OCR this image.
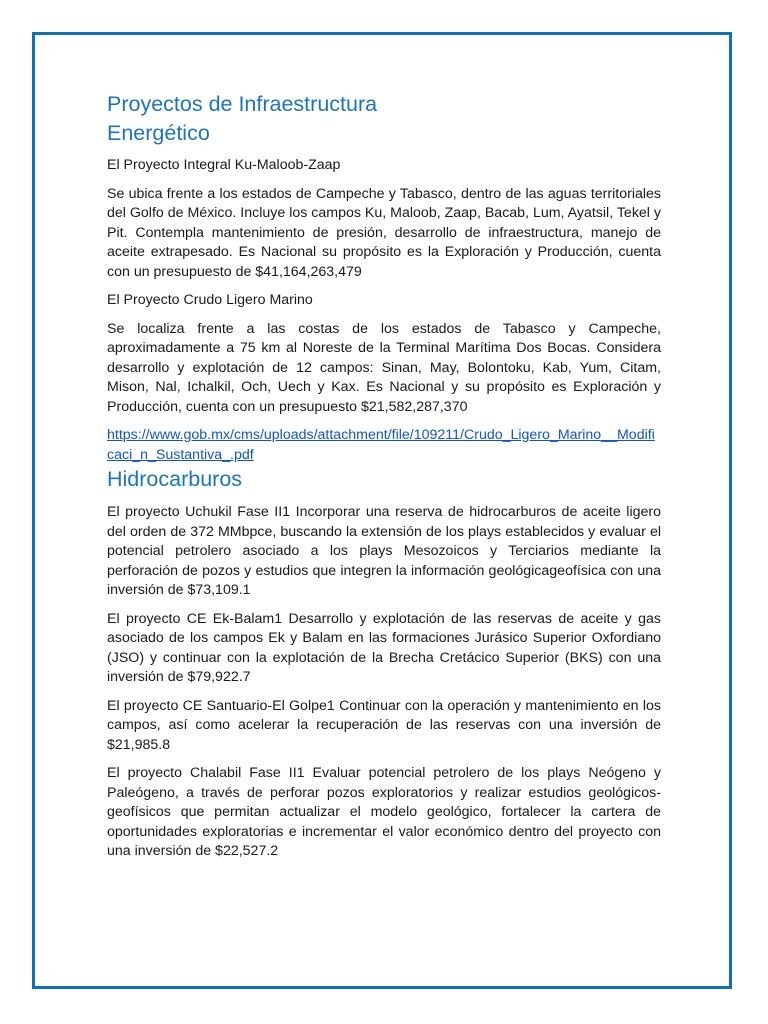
Proyectos de Infraestructura
Energético

El Proyecto Integral Ku-Maloob-Zaap

Se ubica frente a los estados de Campeche y Tabasco, dentro de las aguas territoriales del Golfo de México. Incluye los campos Ku, Maloob, Zaap, Bacab, Lum, Ayatsil, Tekel y Pit. Contempla mantenimiento de presión, desarrollo de infraestructura, manejo de aceite extrapesado. Es Nacional su propósito es la Exploración y Producción, cuenta con un presupuesto de $41,164,263,479

El Proyecto Crudo Ligero Marino

Se localiza frente a las costas de los estados de Tabasco y Campeche, aproximadamente a 75 km al Noreste de la Terminal Marítima Dos Bocas. Considera desarrollo y explotación de 12 campos: Sinan, May, Bolontoku, Kab, Yum, Citam, Mison, Nal, Ichalkil, Och, Uech y Kax. Es Nacional y su propósito es Exploración y Producción, cuenta con un presupuesto $21,582,287,370

https://www.gob.mx/cms/uploads/attachment/file/109211/Crudo_Ligero_Marino__Modificaci_n_Sustantiva_.pdf

Hidrocarburos

El proyecto Uchukil Fase II1 Incorporar una reserva de hidrocarburos de aceite ligero del orden de 372 MMbpce, buscando la extensión de los plays establecidos y evaluar el potencial petrolero asociado a los plays Mesozoicos y Terciarios mediante la perforación de pozos y estudios que integren la información geológicageofísica con una inversión de $73,109.1

El proyecto CE Ek-Balam1 Desarrollo y explotación de las reservas de aceite y gas asociado de los campos Ek y Balam en las formaciones Jurásico Superior Oxfordiano (JSO) y continuar con la explotación de la Brecha Cretácico Superior (BKS) con una inversión de $79,922.7

El proyecto CE Santuario-El Golpe1 Continuar con la operación y mantenimiento en los campos, así como acelerar la recuperación de las reservas con una inversión de $21,985.8

El proyecto Chalabil Fase II1 Evaluar potencial petrolero de los plays Neógeno y Paleógeno, a través de perforar pozos exploratorios y realizar estudios geológicos-geofísicos que permitan actualizar el modelo geológico, fortalecer la cartera de oportunidades exploratorias e incrementar el valor económico dentro del proyecto con una inversión de $22,527.2
